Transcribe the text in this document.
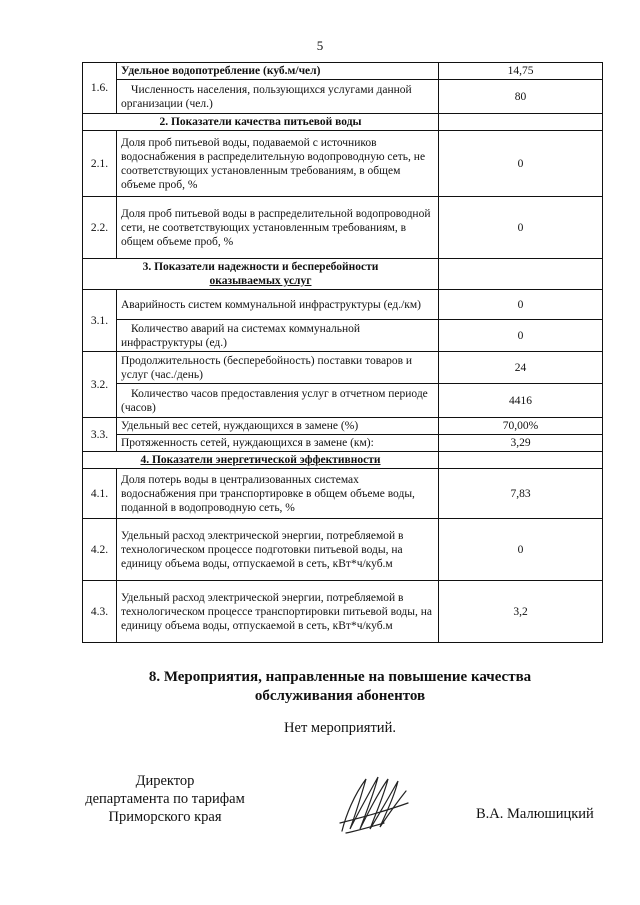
5
1.6.	Удельное водопотребление (куб.м/чел)	14,75
	Численность населения, пользующихся услугами данной организации (чел.)	80
2. Показатели качества питьевой воды		
2.1.	Доля проб питьевой воды, подаваемой с источников водоснабжения в распределительную водопроводную сеть, не соответствующих установленным требованиям, в общем объеме проб, %	0
2.2.	Доля проб питьевой воды в распределительной водопроводной сети, не соответствующих установленным требованиям, в общем объеме проб, %	0
3. Показатели надежности и бесперебойности
оказываемых услуг		
3.1.	Аварийность систем коммунальной инфраструктуры (ед./км)	0
	Количество аварий на системах коммунальной инфраструктуры (ед.)	0
3.2.	Продолжительность (бесперебойность) поставки товаров и услуг (час./день)	24
	Количество часов предоставления услуг в отчетном периоде (часов)	4416
3.3.	Удельный вес сетей, нуждающихся в замене (%)	70,00%
	Протяженность сетей, нуждающихся в замене (км):	3,29
4. Показатели энергетической эффективности		
4.1.	Доля потерь воды в централизованных системах водоснабжения при транспортировке в общем объеме воды, поданной в водопроводную сеть, %	7,83
4.2.	Удельный расход электрической энергии, потребляемой в технологическом процессе подготовки питьевой воды, на единицу объема воды, отпускаемой в сеть, кВт*ч/куб.м	0
4.3.	Удельный расход электрической энергии, потребляемой в технологическом процессе транспортировки питьевой воды, на единицу объема воды, отпускаемой в сеть, кВт*ч/куб.м	3,2
8. Мероприятия, направленные на повышение качества
обслуживания абонентов
Нет мероприятий.
Директор
департамента по тарифам
Приморского края	В.А. Малюшицкий
